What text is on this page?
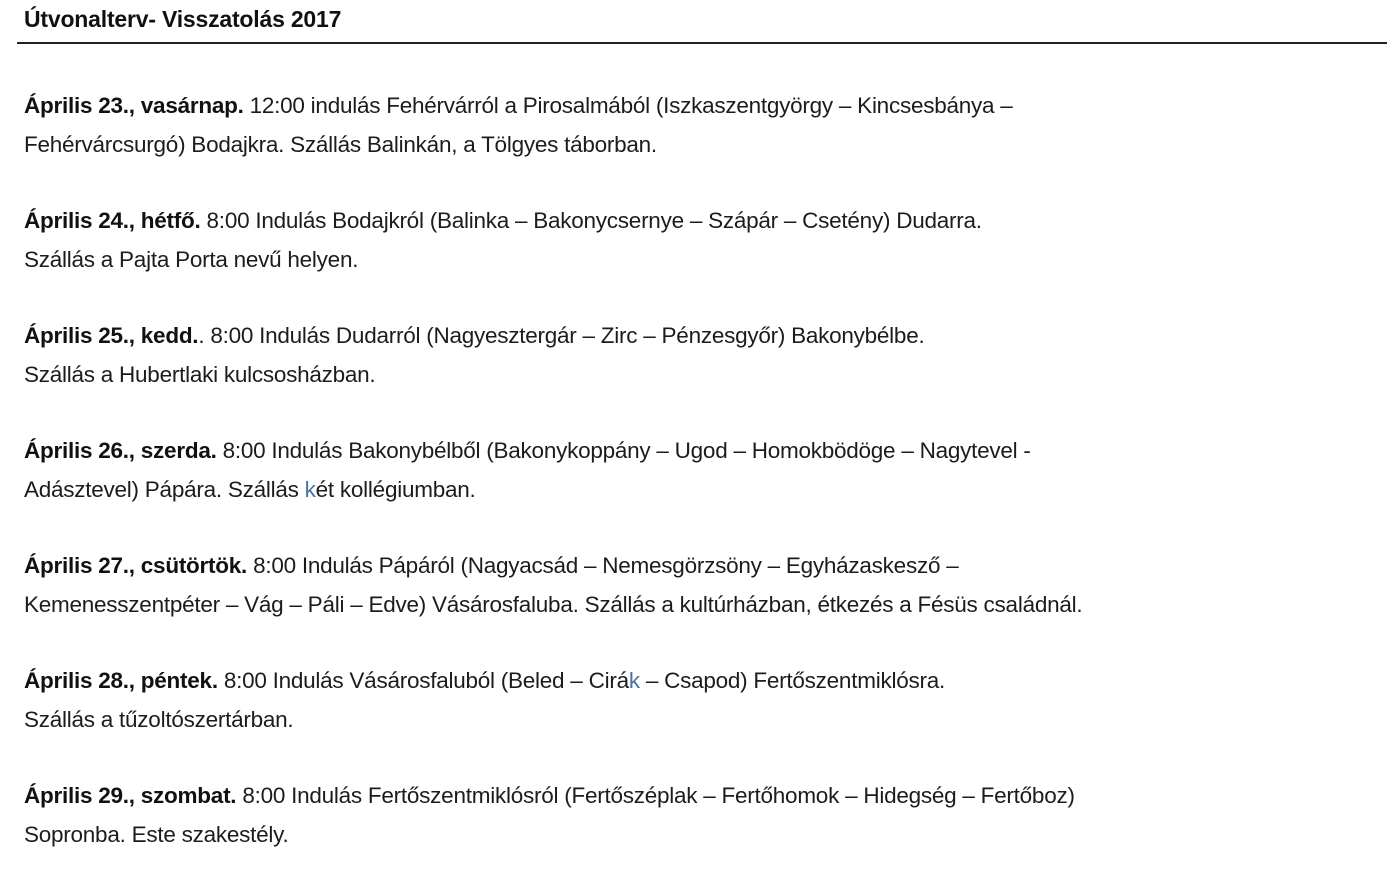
Útvonalterv- Visszatolás 2017
Április 23., vasárnap. 12:00 indulás Fehérvárról a Pirosalmából (Iszkaszentgyörgy – Kincsesbánya –
Fehérvárcsurgó) Bodajkra. Szállás Balinkán, a Tölgyes táborban.
Április 24., hétfő. 8:00 Indulás Bodajkról (Balinka – Bakonycsernye – Szápár – Csetény) Dudarra.
Szállás a Pajta Porta nevű helyen.
Április 25., kedd.. 8:00 Indulás Dudarról (Nagyesztergár – Zirc – Pénzesgyőr) Bakonybélbe.
Szállás a Hubertlaki kulcsosházban.
Április 26., szerda. 8:00 Indulás Bakonybélből (Bakonykoppány – Ugod – Homokbödöge – Nagytevel -
Adásztevel) Pápára. Szállás két kollégiumban.
Április 27., csütörtök. 8:00 Indulás Pápáról (Nagyacsád – Nemesgörzsöny – Egyházaskesző –
Kemenesszentpéter – Vág – Páli – Edve) Vásárosfaluba. Szállás a kultúrházban, étkezés a Fésüs családnál.
Április 28., péntek. 8:00 Indulás Vásárosfaluból (Beled – Cirák – Csapod) Fertőszentmiklósra.
Szállás a tűzoltószertárban.
Április 29., szombat. 8:00 Indulás Fertőszentmiklósról (Fertőszéplak – Fertőhomok – Hidegség – Fertőboz)
Sopronba. Este szakestély.
